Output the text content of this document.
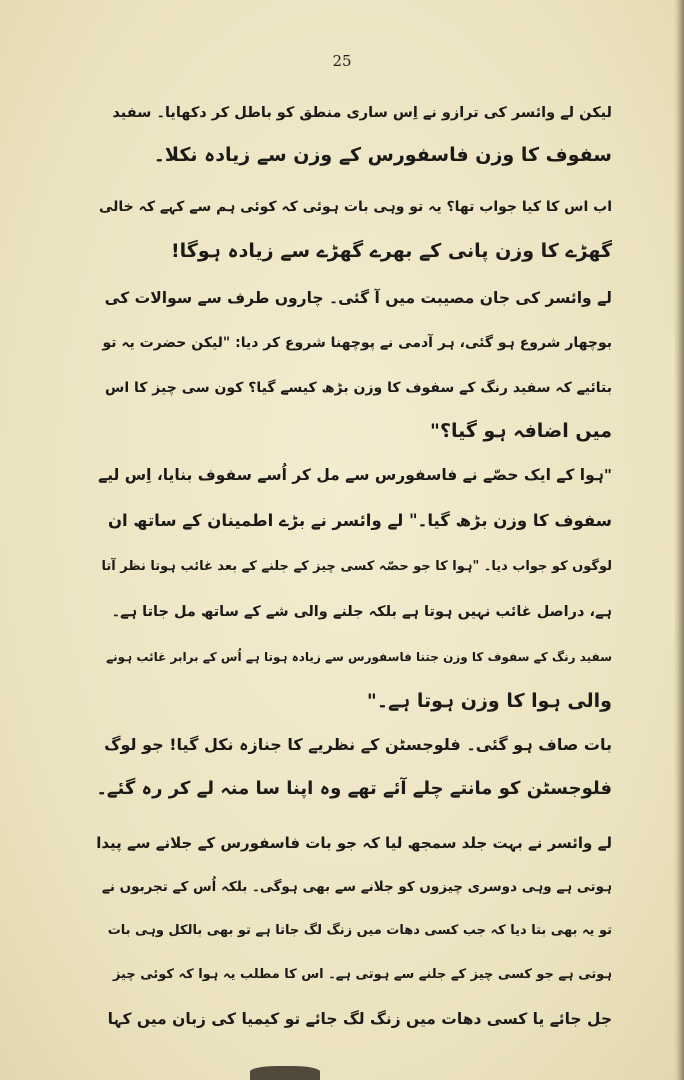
25
لیکن لے وائسر کی ترازو نے اِس ساری منطق کو باطل کر دکھایا۔ سفید
سفوف کا وزن فاسفورس کے وزن سے زیادہ نکلا۔
اب اس کا کیا جواب تھا؟ یہ تو وہی بات ہوئی کہ کوئی ہم سے کہے کہ خالی
گھڑے کا وزن پانی کے بھرے گھڑے سے زیادہ ہوگا!
لے وائسر کی جان مصیبت میں آ گئی۔ چاروں طرف سے سوالات کی
بوچھار شروع ہو گئی، ہر آدمی نے پوچھنا شروع کر دیا: "لیکن حضرت یہ تو
بتائیے کہ سفید رنگ کے سفوف کا وزن بڑھ کیسے گیا؟ کون سی چیز کا اس
میں اضافہ ہو گیا؟"
"ہوا کے ایک حصّے نے فاسفورس سے مل کر اُسے سفوف بنایا، اِس لیے
سفوف کا وزن بڑھ گیا۔" لے وائسر نے بڑے اطمینان کے ساتھ ان
لوگوں کو جواب دیا۔ "ہوا کا جو حصّہ کسی چیز کے جلنے کے بعد غائب ہوتا نظر آتا
ہے، دراصل غائب نہیں ہوتا ہے بلکہ جلنے والی شے کے ساتھ مل جاتا ہے۔
سفید رنگ کے سفوف کا وزن جتنا فاسفورس سے زیادہ ہوتا ہے اُس کے برابر غائب ہونے
والی ہوا کا وزن ہوتا ہے۔"
بات صاف ہو گئی۔ فلوجسٹن کے نظریے کا جنازہ نکل گیا! جو لوگ
فلوجسٹن کو مانتے چلے آئے تھے وہ اپنا سا منہ لے کر رہ گئے۔
لے وائسر نے بہت جلد سمجھ لیا کہ جو بات فاسفورس کے جلانے سے پیدا
ہوتی ہے وہی دوسری چیزوں کو جلانے سے بھی ہوگی۔ بلکہ اُس کے تجربوں نے
تو یہ بھی بتا دیا کہ جب کسی دھات میں زنگ لگ جاتا ہے تو بھی بالکل وہی بات
ہوتی ہے جو کسی چیز کے جلنے سے ہوتی ہے۔ اس کا مطلب یہ ہوا کہ کوئی چیز
جل جائے یا کسی دھات میں زنگ لگ جائے تو کیمیا کی زبان میں کہا
